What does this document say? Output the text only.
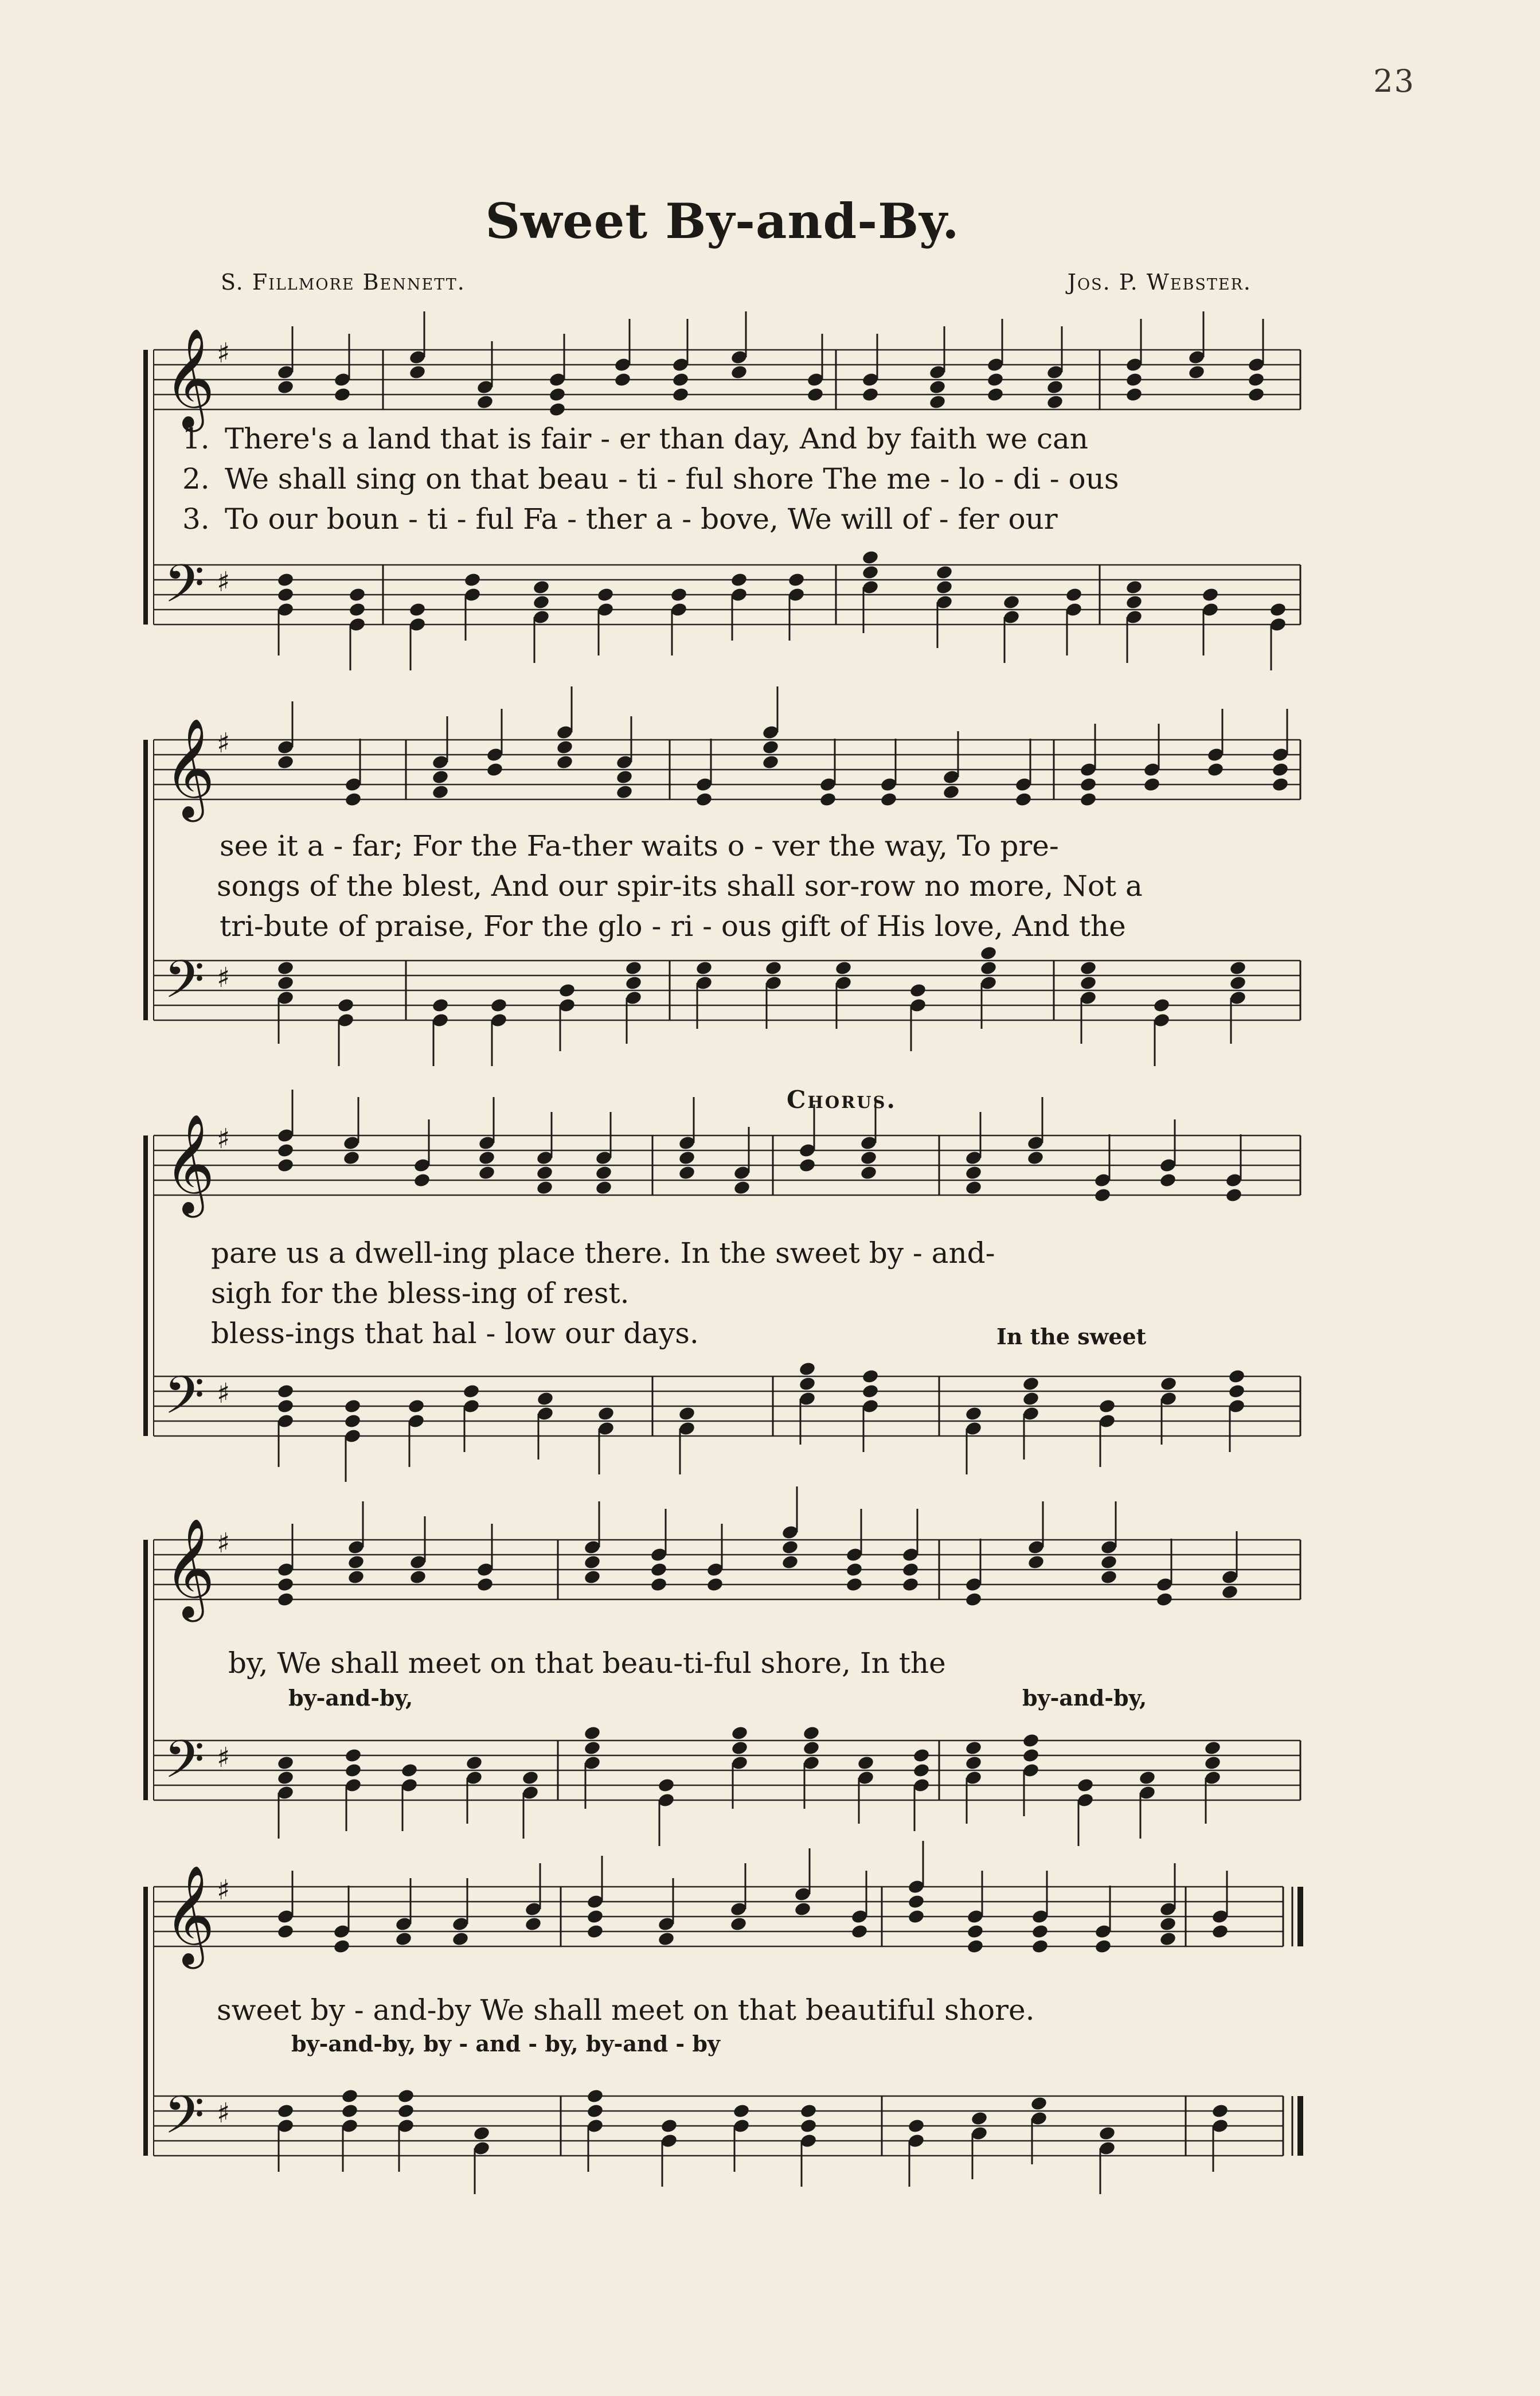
23
Sweet By-and-By.
S. Fillmore Bennett.	Jos. P. Webster.
Chorus.
𝄞 ♯
𝄢 ♯
1. There's a land that is fair - er than day, And by faith we can
2. We shall sing on that beau - ti - ful shore The me - lo - di - ous
3. To our boun - ti - ful Fa - ther a - bove, We will of - fer our
𝄞 ♯
𝄢 ♯
see it a - far; For the Fa-ther waits o - ver the way, To pre-
songs of the blest, And our spir-its shall sor-row no more, Not a
tri-bute of praise, For the glo - ri - ous gift of His love, And the
𝄞 ♯
𝄢 ♯
pare us a dwell-ing place there. In the sweet by - and-
sigh for the bless-ing of rest.
bless-ings that hal - low our days.	In the sweet
𝄞 ♯
𝄢 ♯
by, We shall meet on that beau-ti-ful shore, In the
by-and-by,	by-and-by,
𝄞 ♯
𝄢 ♯
sweet by - and-by We shall meet on that beautiful shore.
by-and-by, by - and - by, by-and - by
